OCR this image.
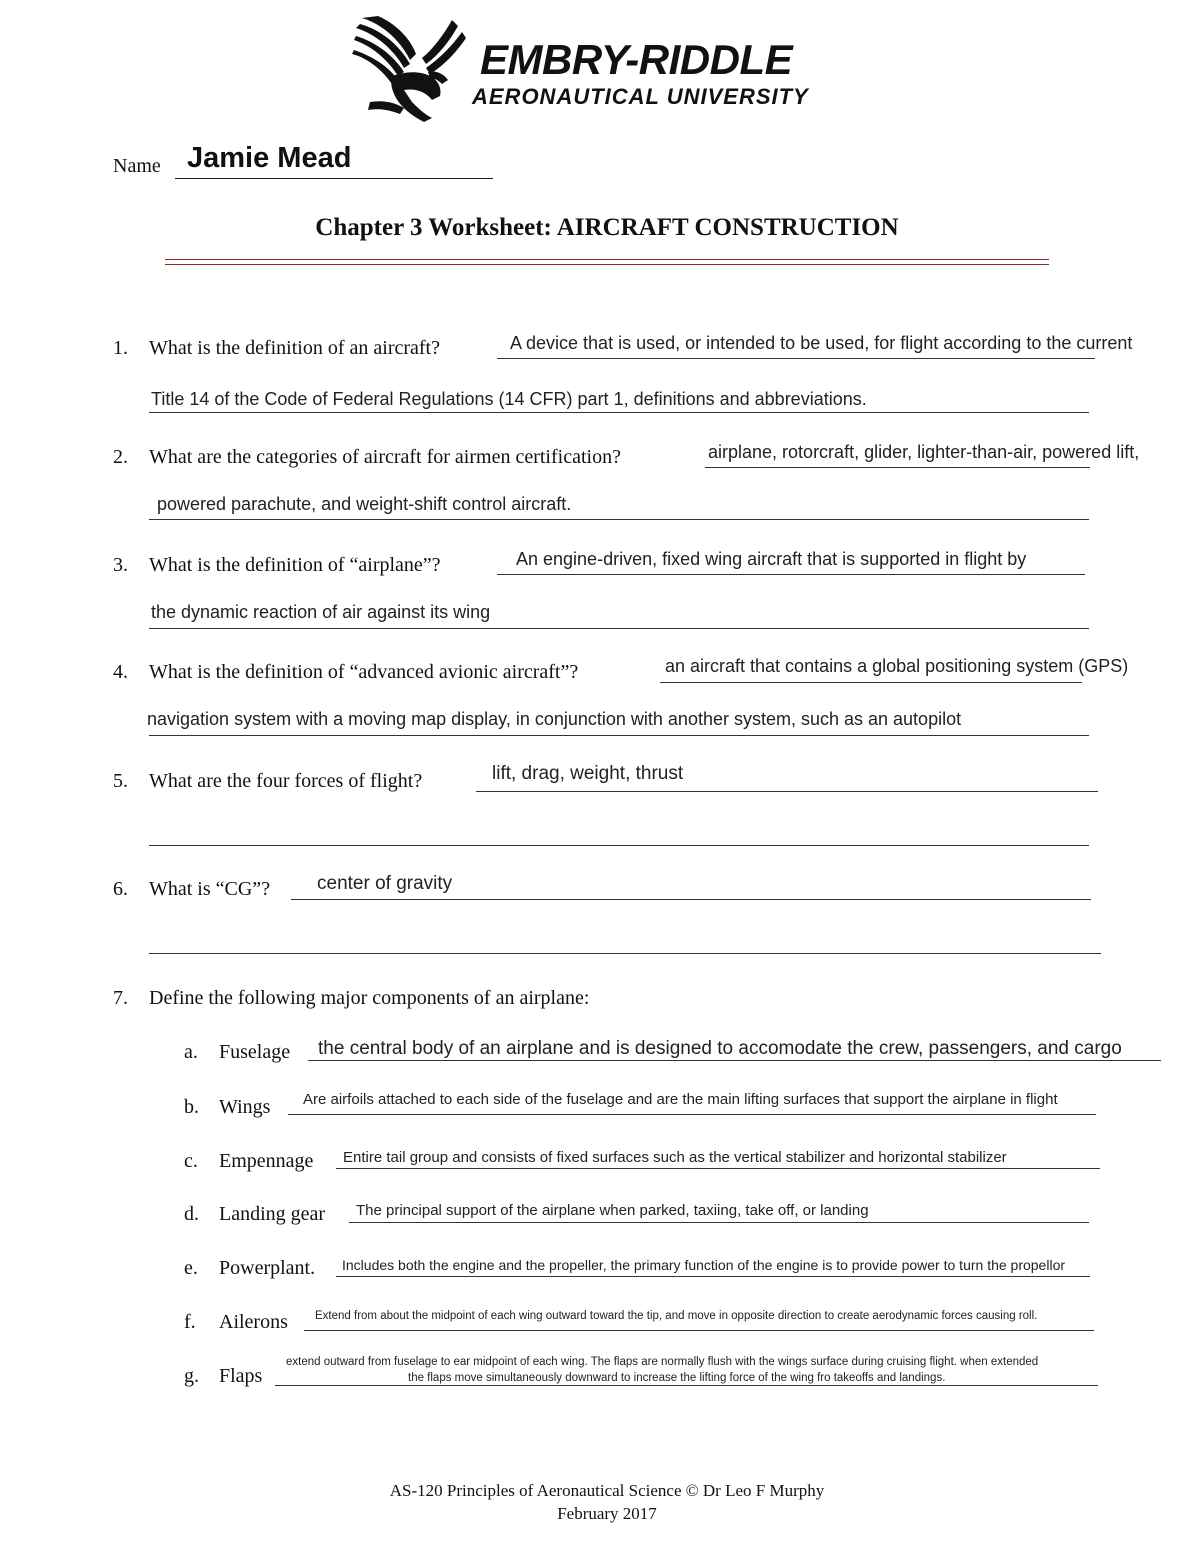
EMBRY-RIDDLE
AERONAUTICAL UNIVERSITY
Name Jamie Mead
Chapter 3 Worksheet: AIRCRAFT CONSTRUCTION
1. What is the definition of an aircraft?	A device that is used, or intended to be used, for flight according to the current
Title 14 of the Code of Federal Regulations (14 CFR) part 1, definitions and abbreviations.
2. What are the categories of aircraft for airmen certification?	airplane, rotorcraft, glider, lighter-than-air, powered lift,
powered parachute, and weight-shift control aircraft.
3. What is the definition of “airplane”?	An engine-driven, fixed wing aircraft that is supported in flight by
the dynamic reaction of air against its wing
4. What is the definition of “advanced avionic aircraft”?	an aircraft that contains a global positioning system (GPS)
navigation system with a moving map display, in conjunction with another system, such as an autopilot
5. What are the four forces of flight?	lift, drag, weight, thrust
6. What is “CG”? center of gravity
7. Define the following major components of an airplane:
a. Fuselage the central body of an airplane and is designed to accomodate the crew, passengers, and cargo
b. Wings Are airfoils attached to each side of the fuselage and are the main lifting surfaces that support the airplane in flight
c. Empennage Entire tail group and consists of fixed surfaces such as the vertical stabilizer and horizontal stabilizer
d. Landing gear The principal support of the airplane when parked, taxiing, take off, or landing
e. Powerplant. Includes both the engine and the propeller, the primary function of the engine is to provide power to turn the propellor
f. Ailerons Extend from about the midpoint of each wing outward toward the tip, and move in opposite direction to create aerodynamic forces causing roll.
g. Flaps
extend outward from fuselage to ear midpoint of each wing. The flaps are normally flush with the wings surface during cruising flight. when extended
the flaps move simultaneously downward to increase the lifting force of the wing fro takeoffs and landings.
AS-120 Principles of Aeronautical Science © Dr Leo F Murphy
February 2017
